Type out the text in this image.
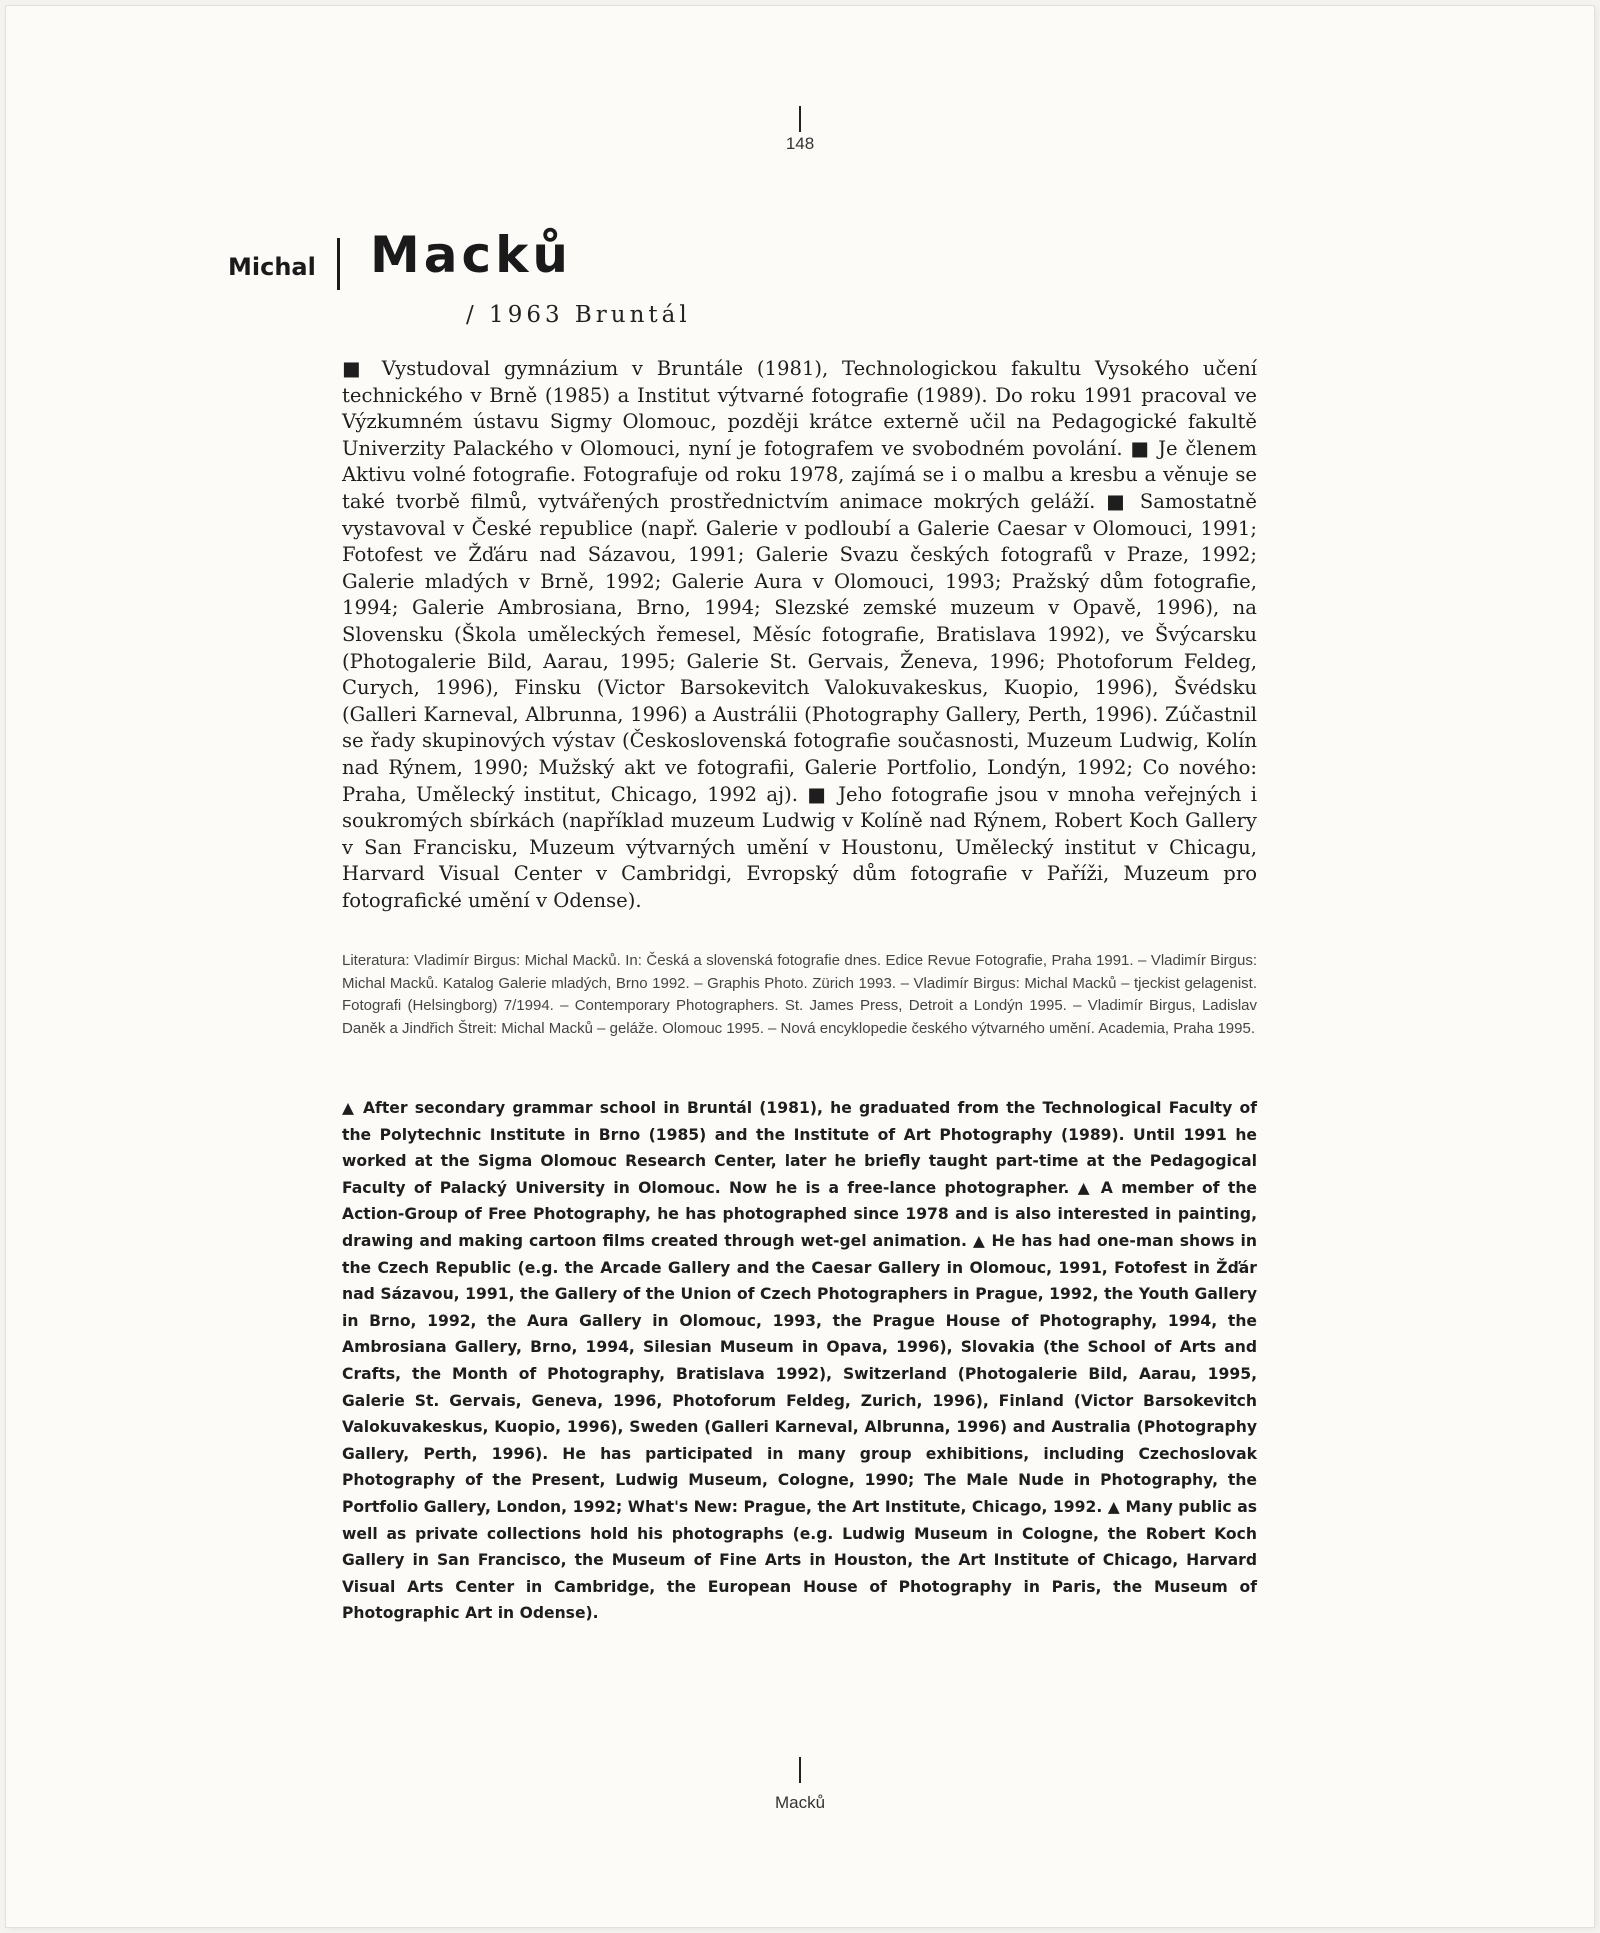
148
Michal Macků
/ 1963 Bruntál

■ Vystudoval gymnázium v Bruntále (1981), Technologickou fakultu Vysokého učení technického v Brně (1985) a Institut výtvarné fotografie (1989). Do roku 1991 pracoval ve Výzkumném ústavu Sigmy Olomouc, později krátce externě učil na Pedagogické fakultě Univerzity Palackého v Olomouci, nyní je fotografem ve svobodném povolání. ■ Je členem Aktivu volné fotografie. Fotografuje od roku 1978, zajímá se i o malbu a kresbu a věnuje se také tvorbě filmů, vytvářených prostřednictvím animace mokrých geláží. ■ Samostatně vystavoval v České republice (např. Galerie v podloubí a Galerie Caesar v Olomouci, 1991; Fotofest ve Žďáru nad Sázavou, 1991; Galerie Svazu českých fotografů v Praze, 1992; Galerie mladých v Brně, 1992; Galerie Aura v Olomouci, 1993; Pražský dům fotografie, 1994; Galerie Ambrosiana, Brno, 1994; Slezské zemské muzeum v Opavě, 1996), na Slovensku (Škola uměleckých řemesel, Měsíc fotografie, Bratislava 1992), ve Švýcarsku (Photogalerie Bild, Aarau, 1995; Galerie St. Gervais, Ženeva, 1996; Photoforum Feldeg, Curych, 1996), Finsku (Victor Barsokevitch Valokuvakeskus, Kuopio, 1996), Švédsku (Galleri Karneval, Albrunna, 1996) a Austrálii (Photography Gallery, Perth, 1996). Zúčastnil se řady skupinových výstav (Československá fotografie současnosti, Muzeum Ludwig, Kolín nad Rýnem, 1990; Mužský akt ve fotografii, Galerie Portfolio, Londýn, 1992; Co nového: Praha, Umělecký institut, Chicago, 1992 aj). ■ Jeho fotografie jsou v mnoha veřejných i soukromých sbírkách (například muzeum Ludwig v Kolíně nad Rýnem, Robert Koch Gallery v San Francisku, Muzeum výtvarných umění v Houstonu, Umělecký institut v Chicagu, Harvard Visual Center v Cambridgi, Evropský dům fotografie v Paříži, Muzeum pro fotografické umění v Odense).

Literatura: Vladimír Birgus: Michal Macků. In: Česká a slovenská fotografie dnes. Edice Revue Fotografie, Praha 1991. – Vladimír Birgus: Michal Macků. Katalog Galerie mladých, Brno 1992. – Graphis Photo. Zürich 1993. – Vladimír Birgus: Michal Macků – tjeckist gelagenist. Fotografi (Helsingborg) 7/1994. – Contemporary Photographers. St. James Press, Detroit a Londýn 1995. – Vladimír Birgus, Ladislav Daněk a Jindřich Štreit: Michal Macků – geláže. Olomouc 1995. – Nová encyklopedie českého výtvarného umění. Academia, Praha 1995.

▲ After secondary grammar school in Bruntál (1981), he graduated from the Technological Faculty of the Polytechnic Institute in Brno (1985) and the Institute of Art Photography (1989). Until 1991 he worked at the Sigma Olomouc Research Center, later he briefly taught part-time at the Pedagogical Faculty of Palacký University in Olomouc. Now he is a free-lance photographer. ▲ A member of the Action-Group of Free Photography, he has photographed since 1978 and is also interested in painting, drawing and making cartoon films created through wet-gel animation. ▲ He has had one-man shows in the Czech Republic (e.g. the Arcade Gallery and the Caesar Gallery in Olomouc, 1991, Fotofest in Žďár nad Sázavou, 1991, the Gallery of the Union of Czech Photographers in Prague, 1992, the Youth Gallery in Brno, 1992, the Aura Gallery in Olomouc, 1993, the Prague House of Photography, 1994, the Ambrosiana Gallery, Brno, 1994, Silesian Museum in Opava, 1996), Slovakia (the School of Arts and Crafts, the Month of Photography, Bratislava 1992), Switzerland (Photogalerie Bild, Aarau, 1995, Galerie St. Gervais, Geneva, 1996, Photoforum Feldeg, Zurich, 1996), Finland (Victor Barsokevitch Valokuvakeskus, Kuopio, 1996), Sweden (Galleri Karneval, Albrunna, 1996) and Australia (Photography Gallery, Perth, 1996). He has participated in many group exhibitions, including Czechoslovak Photography of the Present, Ludwig Museum, Cologne, 1990; The Male Nude in Photography, the Portfolio Gallery, London, 1992; What's New: Prague, the Art Institute, Chicago, 1992. ▲ Many public as well as private collections hold his photographs (e.g. Ludwig Museum in Cologne, the Robert Koch Gallery in San Francisco, the Museum of Fine Arts in Houston, the Art Institute of Chicago, Harvard Visual Arts Center in Cambridge, the European House of Photography in Paris, the Museum of Photographic Art in Odense).

Macků
